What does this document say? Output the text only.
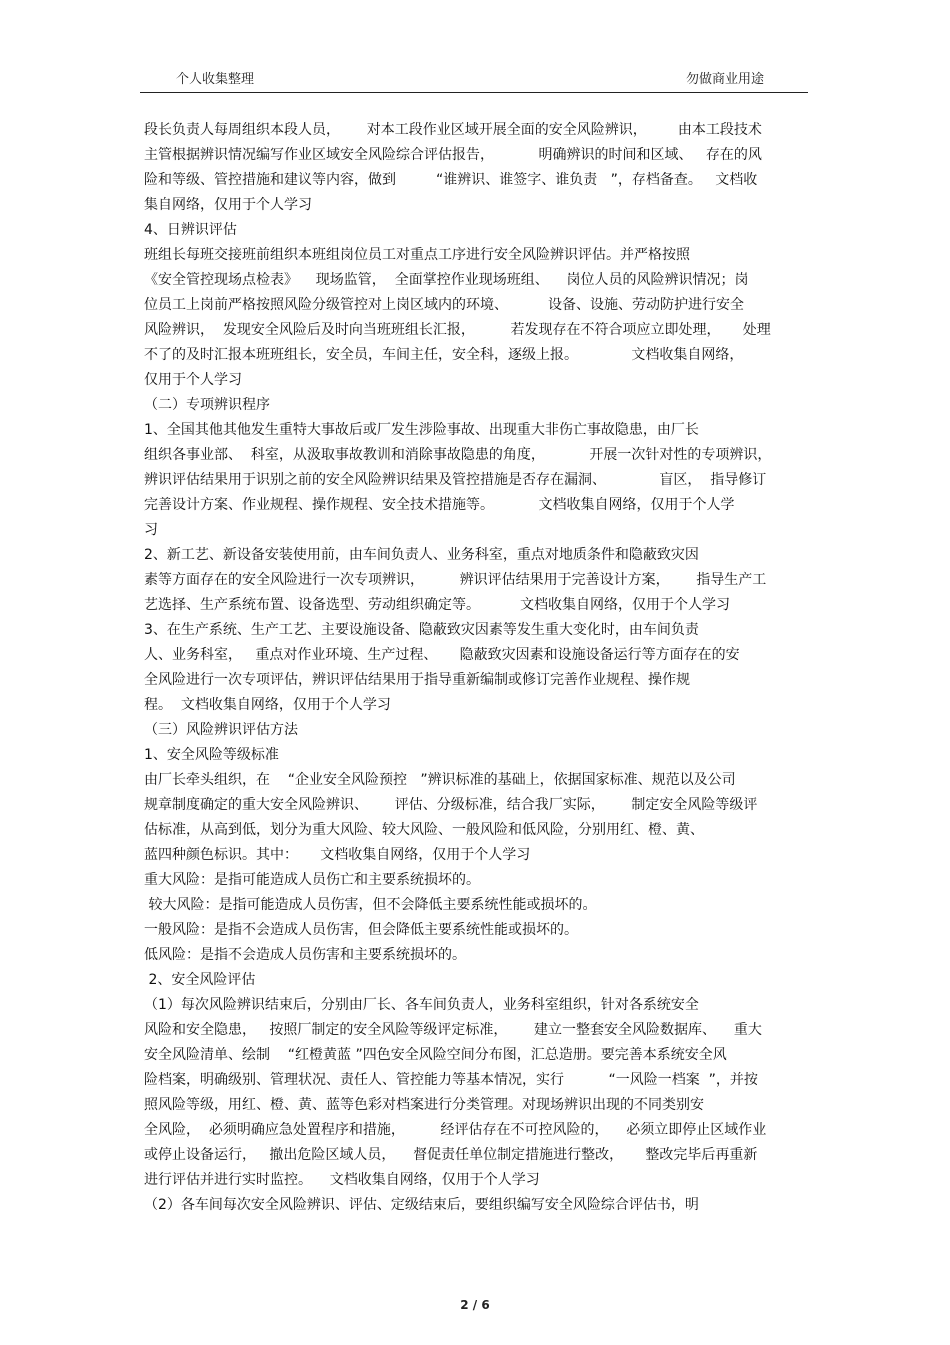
个人收集整理	勿做商业用途
段长负责人每周组织本段人员，      对本工段作业区域开展全面的安全风险辨识，       由本工段技术
主管根据辨识情况编写作业区域安全风险综合评估报告，          明确辨识的时间和区域、   存在的风
险和等级、管控措施和建议等内容，做到         “谁辨识、谁签字、谁负责   ”，存档备查。   文档收
集自网络，仅用于个人学习
4、日辨识评估
班组长每班交接班前组织本班组岗位员工对重点工序进行安全风险辨识评估。并严格按照
《安全管控现场点检表》    现场监管，  全面掌控作业现场班组、    岗位人员的风险辨识情况；岗
位员工上岗前严格按照风险分级管控对上岗区域内的环境、         设备、设施、劳动防护进行安全
风险辨识，  发现安全风险后及时向当班班组长汇报，        若发现存在不符合项应立即处理，     处理
不了的及时汇报本班班组长，安全员，车间主任，安全科，逐级上报。            文档收集自网络，
仅用于个人学习
（二）专项辨识程序
1、全国其他其他发生重特大事故后或厂发生涉险事故、出现重大非伤亡事故隐患，由厂长
组织各事业部、  科室，从汲取事故教训和消除事故隐患的角度，          开展一次针对性的专项辨识，
辨识评估结果用于识别之前的安全风险辨识结果及管控措施是否存在漏洞、            盲区，  指导修订
完善设计方案、作业规程、操作规程、安全技术措施等。          文档收集自网络，仅用于个人学
习
2、新工艺、新设备安装使用前，由车间负责人、业务科室，重点对地质条件和隐蔽致灾因
素等方面存在的安全风险进行一次专项辨识，        辨识评估结果用于完善设计方案，      指导生产工
艺选择、生产系统布置、设备选型、劳动组织确定等。         文档收集自网络，仅用于个人学习
3、在生产系统、生产工艺、主要设施设备、隐蔽致灾因素等发生重大变化时，由车间负责
人、业务科室，   重点对作业环境、生产过程、     隐蔽致灾因素和设施设备运行等方面存在的安
全风险进行一次专项评估，辨识评估结果用于指导重新编制或修订完善作业规程、操作规
程。  文档收集自网络，仅用于个人学习
（三）风险辨识评估方法
1、安全风险等级标准
由厂长牵头组织，在    “企业安全风险预控   ”辨识标准的基础上，依据国家标准、规范以及公司
规章制度确定的重大安全风险辨识、      评估、分级标准，结合我厂实际，      制定安全风险等级评
估标准，从高到低，划分为重大风险、较大风险、一般风险和低风险，分别用红、橙、黄、
蓝四种颜色标识。其中：     文档收集自网络，仅用于个人学习
重大风险：是指可能造成人员伤亡和主要系统损坏的。
较大风险：是指可能造成人员伤害，但不会降低主要系统性能或损坏的。
一般风险：是指不会造成人员伤害，但会降低主要系统性能或损坏的。
低风险：是指不会造成人员伤害和主要系统损坏的。
2、安全风险评估
（1）每次风险辨识结束后，分别由厂长、各车间负责人，业务科室组织，针对各系统安全
风险和安全隐患，   按照厂制定的安全风险等级评定标准，      建立一整套安全风险数据库、    重大
安全风险清单、绘制    “红橙黄蓝 ”四色安全风险空间分布图，汇总造册。要完善本系统安全风
险档案，明确级别、管理状况、责任人、管控能力等基本情况，实行          “一风险一档案  ”，并按
照风险等级，用红、橙、黄、蓝等色彩对档案进行分类管理。对现场辨识出现的不同类别安
全风险，  必须明确应急处置程序和措施，        经评估存在不可控风险的，    必须立即停止区域作业
或停止设备运行，   撤出危险区域人员，    督促责任单位制定措施进行整改，     整改完毕后再重新
进行评估并进行实时监控。    文档收集自网络，仅用于个人学习
（2）各车间每次安全风险辨识、评估、定级结束后，要组织编写安全风险综合评估书，明
2 / 6
